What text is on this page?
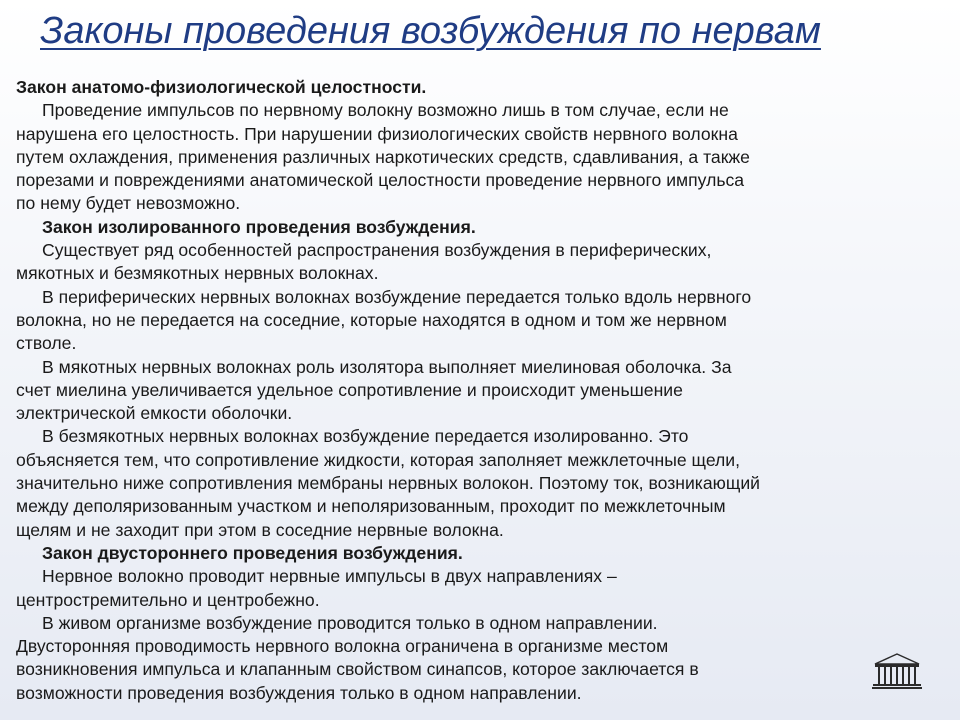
Законы проведения возбуждения по нервам
Закон анатомо-физиологической целостности.
Проведение импульсов по нервному волокну возможно лишь в том случае, если не
нарушена его целостность. При нарушении физиологических свойств нервного волокна
путем охлаждения, применения различных наркотических средств, сдавливания, а также
порезами и повреждениями анатомической целостности проведение нервного импульса
по нему будет невозможно.
Закон изолированного проведения возбуждения.
Существует ряд особенностей распространения возбуждения в периферических,
мякотных и безмякотных нервных волокнах.
В периферических нервных волокнах возбуждение передается только вдоль нервного
волокна, но не передается на соседние, которые находятся в одном и том же нервном
стволе.
В мякотных нервных волокнах роль изолятора выполняет миелиновая оболочка. За
счет миелина увеличивается удельное сопротивление и происходит уменьшение
электрической емкости оболочки.
В безмякотных нервных волокнах возбуждение передается изолированно. Это
объясняется тем, что сопротивление жидкости, которая заполняет межклеточные щели,
значительно ниже сопротивления мембраны нервных волокон. Поэтому ток, возникающий
между деполяризованным участком и неполяризованным, проходит по межклеточным
щелям и не заходит при этом в соседние нервные волокна.
Закон двустороннего проведения возбуждения.
Нервное волокно проводит нервные импульсы в двух направлениях –
центростремительно и центробежно.
В живом организме возбуждение проводится только в одном направлении.
Двусторонняя проводимость нервного волокна ограничена в организме местом
возникновения импульса и клапанным свойством синапсов, которое заключается в
возможности проведения возбуждения только в одном направлении.
